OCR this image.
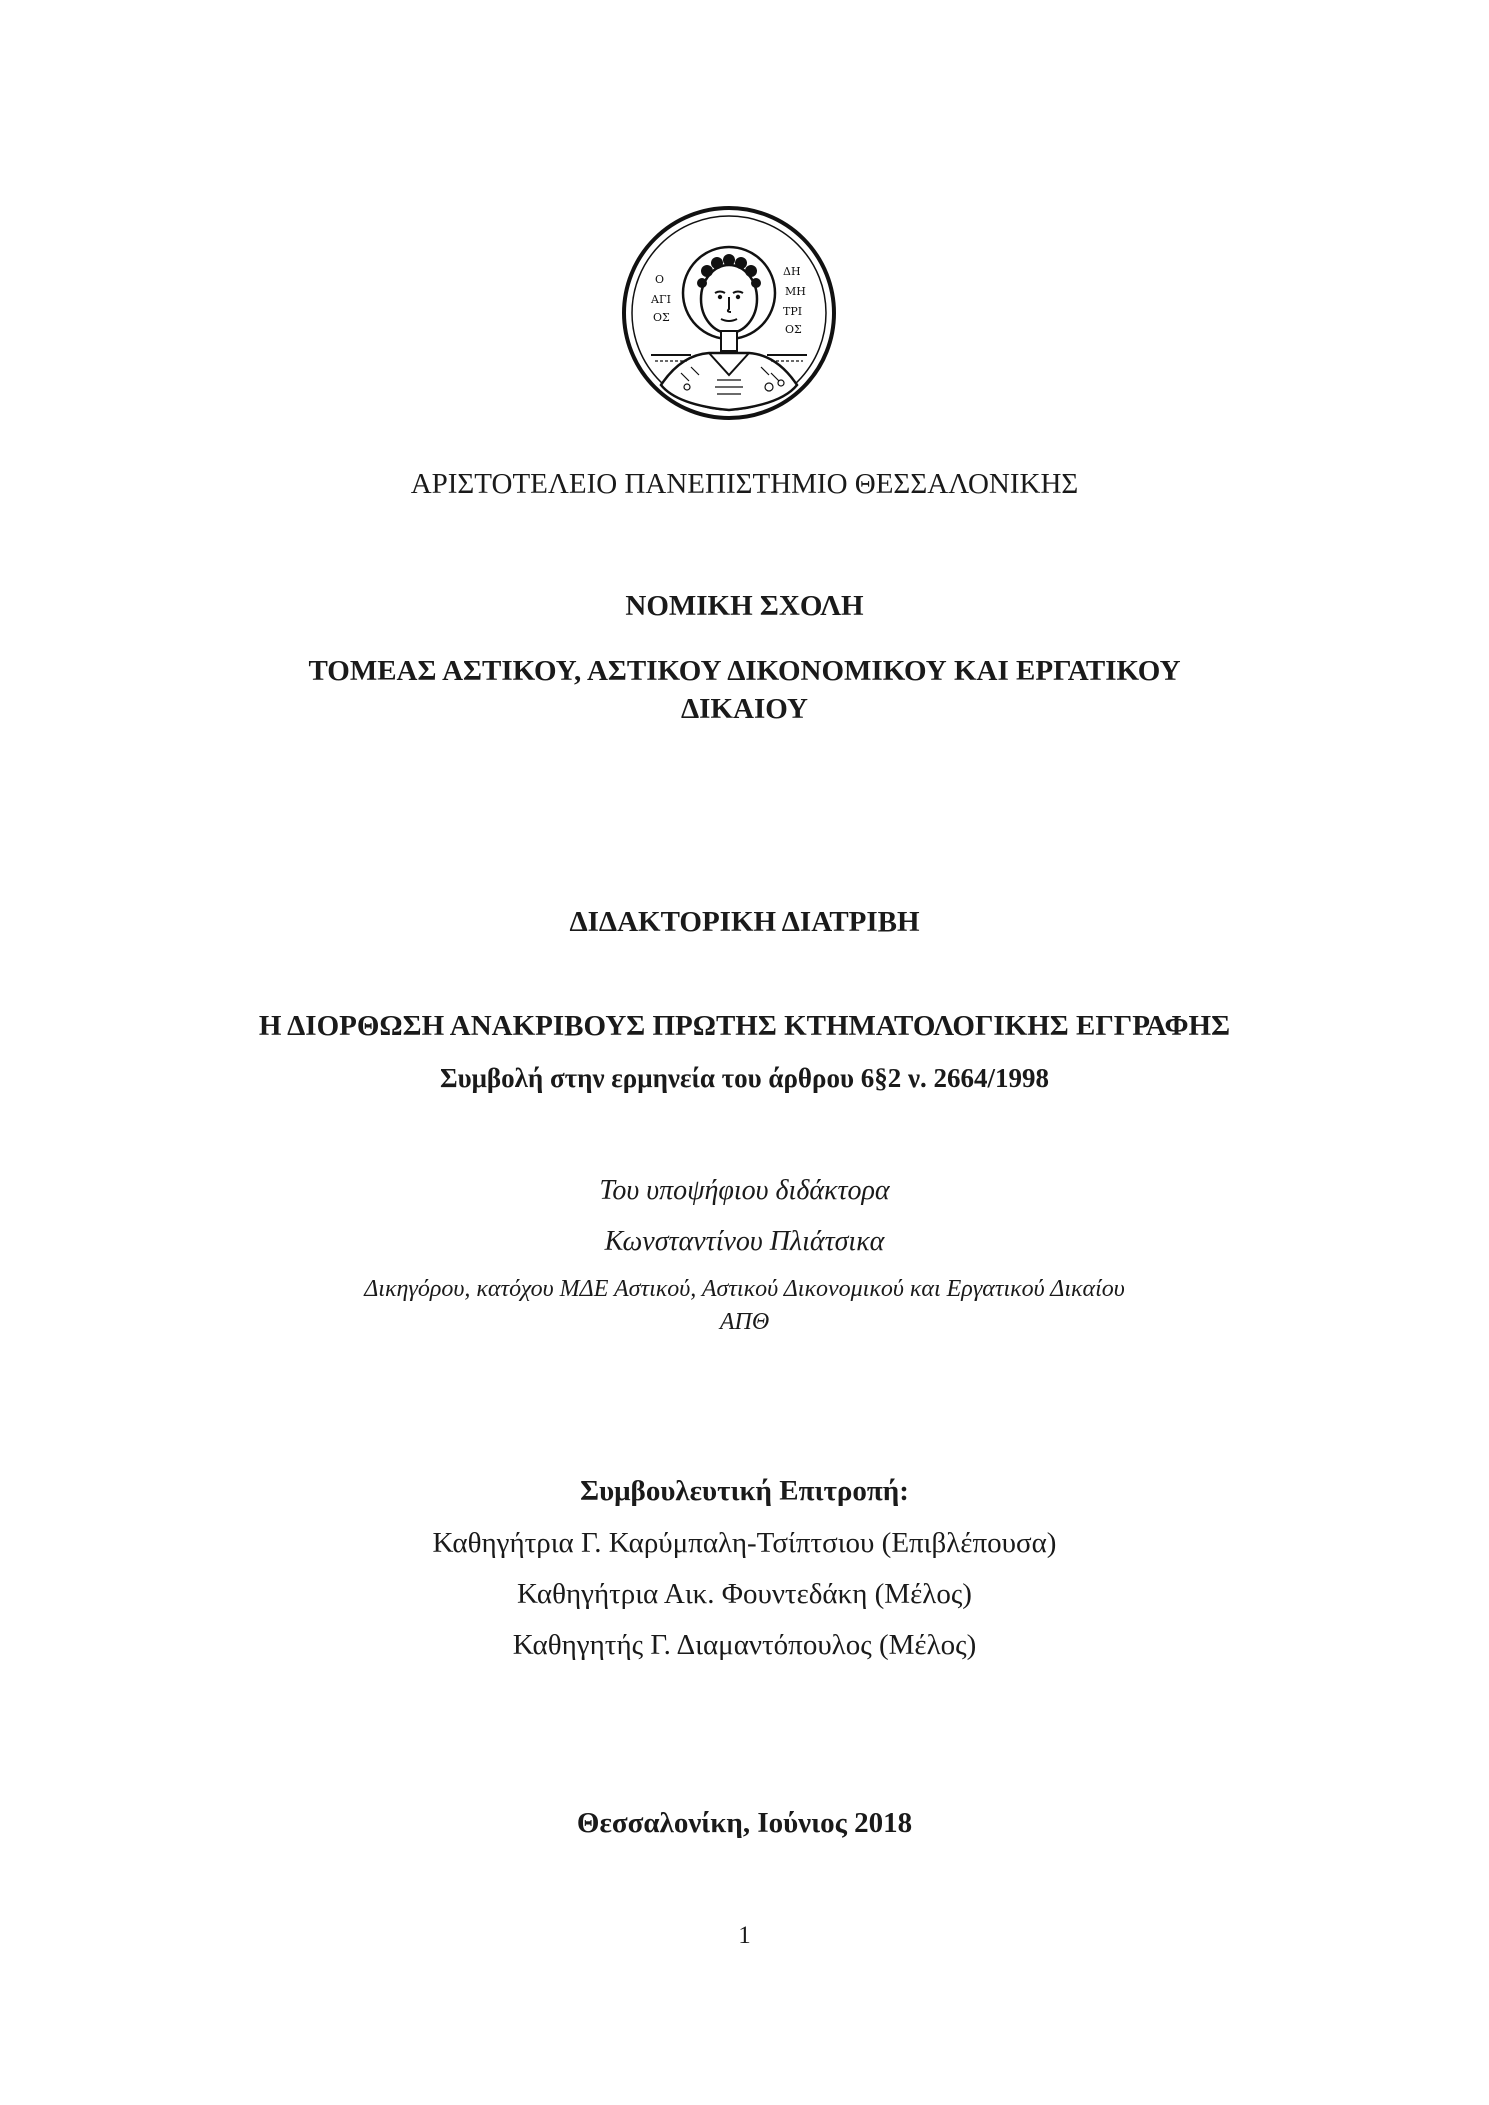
Ο
ΑΓΙ
ΟΣ
ΔΗ
ΜΗ
ΤΡΙ
ΟΣ
ΑΡΙΣΤΟΤΕΛΕΙΟ ΠΑΝΕΠΙΣΤΗΜΙΟ ΘΕΣΣΑΛΟΝΙΚΗΣ
ΝΟΜΙΚΗ ΣΧΟΛΗ
ΤΟΜΕΑΣ ΑΣΤΙΚΟΥ, ΑΣΤΙΚΟΥ ΔΙΚΟΝΟΜΙΚΟΥ ΚΑΙ ΕΡΓΑΤΙΚΟΥ
ΔΙΚΑΙΟΥ
ΔΙΔΑΚΤΟΡΙΚΗ ΔΙΑΤΡΙΒΗ
Η ΔΙΟΡΘΩΣΗ ΑΝΑΚΡΙΒΟΥΣ ΠΡΩΤΗΣ ΚΤΗΜΑΤΟΛΟΓΙΚΗΣ ΕΓΓΡΑΦΗΣ
Συμβολή στην ερμηνεία του άρθρου 6§2 ν. 2664/1998
Του υποψήφιου διδάκτορα
Κωνσταντίνου Πλιάτσικα
Δικηγόρου, κατόχου ΜΔΕ Αστικού, Αστικού Δικονομικού και Εργατικού Δικαίου
ΑΠΘ
Συμβουλευτική Επιτροπή:
Καθηγήτρια Γ. Καρύμπαλη-Τσίπτσιου (Επιβλέπουσα)
Καθηγήτρια Αικ. Φουντεδάκη (Μέλος)
Καθηγητής Γ. Διαμαντόπουλος (Μέλος)
Θεσσαλονίκη, Ιούνιος 2018
1
